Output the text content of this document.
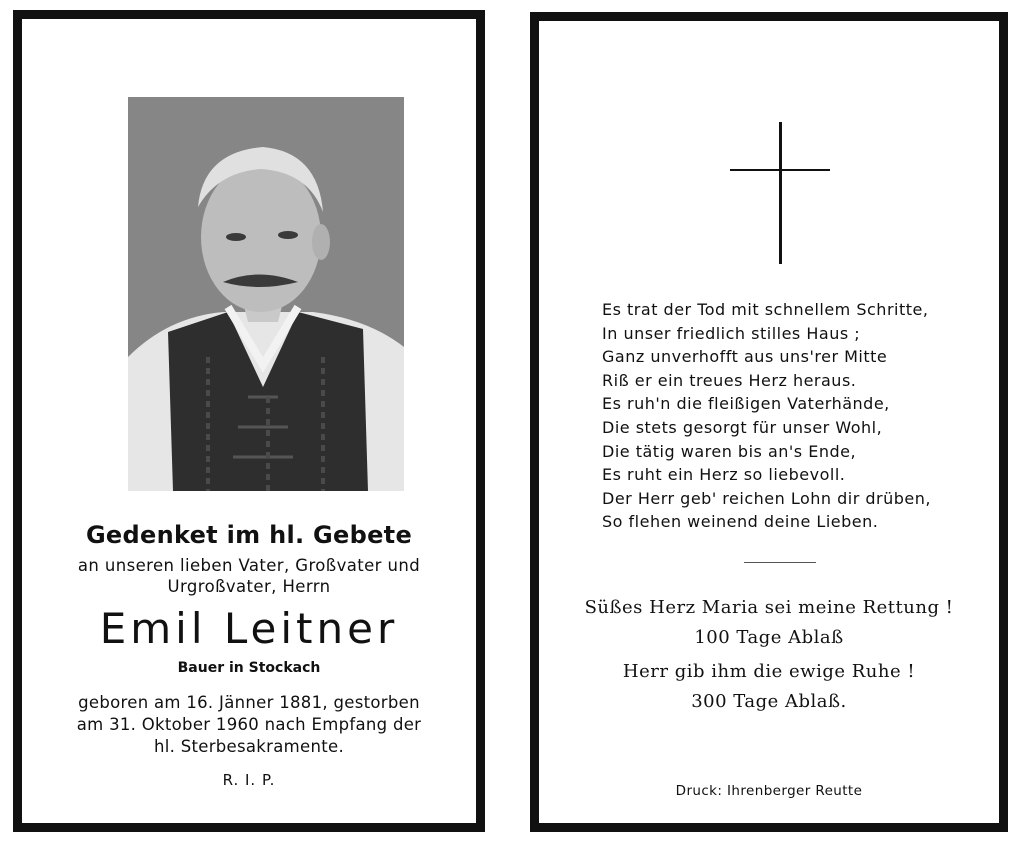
Gedenket im hl. Gebete
an unseren lieben Vater, Großvater und
Urgroßvater, Herrn
Emil Leitner
Bauer in Stockach
geboren am 16. Jänner 1881, gestorben
am 31. Oktober 1960 nach Empfang der
hl. Sterbesakramente.
R. I. P.
Es trat der Tod mit schnellem Schritte,
In unser friedlich stilles Haus ;
Ganz unverhofft aus uns'rer Mitte
Riß er ein treues Herz heraus.
Es ruh'n die fleißigen Vaterhände,
Die stets gesorgt für unser Wohl,
Die tätig waren bis an's Ende,
Es ruht ein Herz so liebevoll.
Der Herr geb' reichen Lohn dir drüben,
So flehen weinend deine Lieben.
Süßes Herz Maria sei meine Rettung !
100 Tage Ablaß
Herr gib ihm die ewige Ruhe !
300 Tage Ablaß.
Druck: Ihrenberger Reutte
